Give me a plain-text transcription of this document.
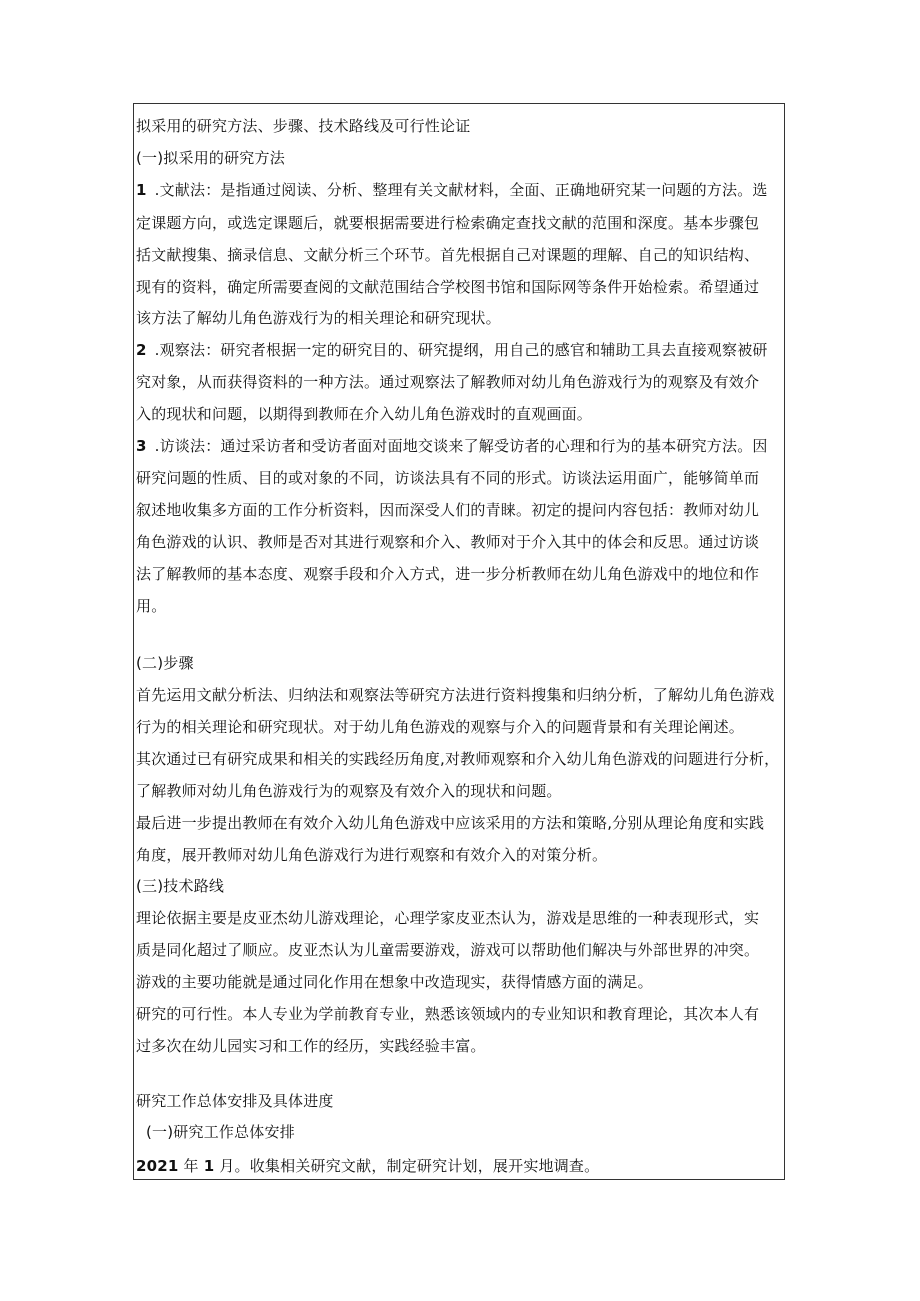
拟采用的研究方法、步骤、技术路线及可行性论证
(一)拟采用的研究方法
1 .文献法：是指通过阅读、分析、整理有关文献材料，全面、正确地研究某一问题的方法。选
定课题方向，或选定课题后，就要根据需要进行检索确定查找文献的范围和深度。基本步骤包
括文献搜集、摘录信息、文献分析三个环节。首先根据自己对课题的理解、自己的知识结构、
现有的资料，确定所需要查阅的文献范围结合学校图书馆和国际网等条件开始检索。希望通过
该方法了解幼儿角色游戏行为的相关理论和研究现状。
2 .观察法：研究者根据一定的研究目的、研究提纲，用自己的感官和辅助工具去直接观察被研
究对象，从而获得资料的一种方法。通过观察法了解教师对幼儿角色游戏行为的观察及有效介
入的现状和问题，以期得到教师在介入幼儿角色游戏时的直观画面。
3 .访谈法：通过采访者和受访者面对面地交谈来了解受访者的心理和行为的基本研究方法。因
研究问题的性质、目的或对象的不同，访谈法具有不同的形式。访谈法运用面广，能够简单而
叙述地收集多方面的工作分析资料，因而深受人们的青睐。初定的提问内容包括：教师对幼儿
角色游戏的认识、教师是否对其进行观察和介入、教师对于介入其中的体会和反思。通过访谈
法了解教师的基本态度、观察手段和介入方式，进一步分析教师在幼儿角色游戏中的地位和作
用。
(二)步骤
首先运用文献分析法、归纳法和观察法等研究方法进行资料搜集和归纳分析，了解幼儿角色游戏
行为的相关理论和研究现状。对于幼儿角色游戏的观察与介入的问题背景和有关理论阐述。
其次通过已有研究成果和相关的实践经历角度,对教师观察和介入幼儿角色游戏的问题进行分析，
了解教师对幼儿角色游戏行为的观察及有效介入的现状和问题。
最后进一步提出教师在有效介入幼儿角色游戏中应该采用的方法和策略,分别从理论角度和实践
角度，展开教师对幼儿角色游戏行为进行观察和有效介入的对策分析。
(三)技术路线
理论依据主要是皮亚杰幼儿游戏理论，心理学家皮亚杰认为，游戏是思维的一种表现形式，实
质是同化超过了顺应。皮亚杰认为儿童需要游戏，游戏可以帮助他们解决与外部世界的冲突。
游戏的主要功能就是通过同化作用在想象中改造现实，获得情感方面的满足。
研究的可行性。本人专业为学前教育专业，熟悉该领域内的专业知识和教育理论，其次本人有
过多次在幼儿园实习和工作的经历，实践经验丰富。
研究工作总体安排及具体进度
(一)研究工作总体安排
2021 年 1 月。收集相关研究文献，制定研究计划，展开实地调查。
